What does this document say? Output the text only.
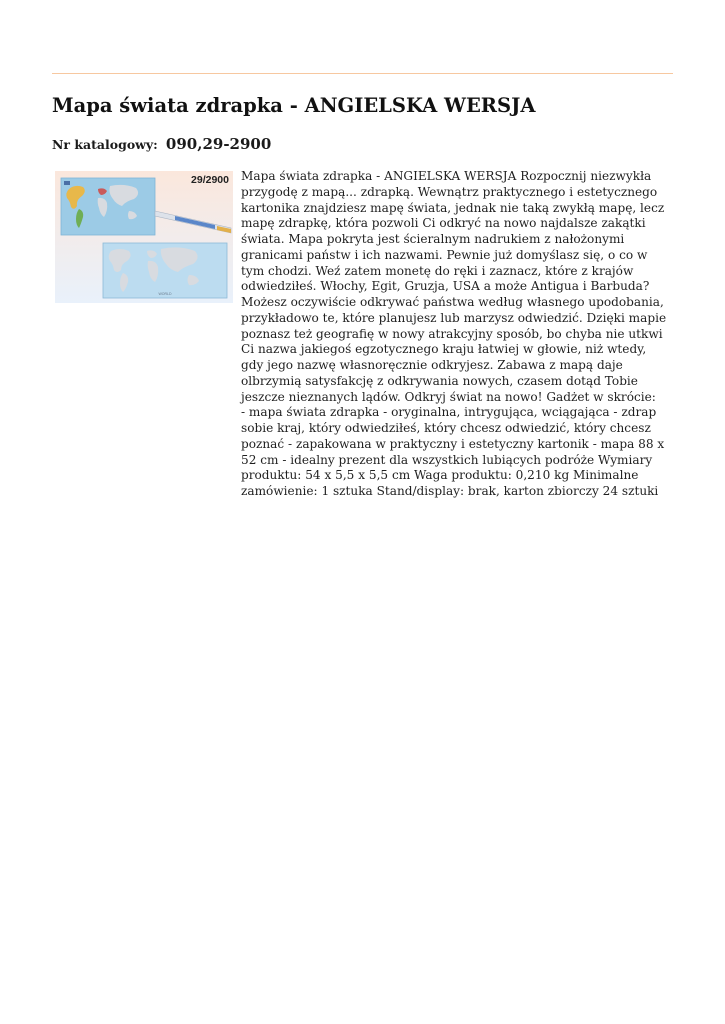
Mapa świata zdrapka - ANGIELSKA WERSJA
Nr katalogowy: 090,29-2900
29/2900
WORLD

Mapa świata zdrapka - ANGIELSKA WERSJA Rozpocznij niezwykła
przygodę z mapą... zdrapką. Wewnątrz praktycznego i estetycznego
kartonika znajdziesz mapę świata, jednak nie taką zwykłą mapę, lecz
mapę zdrapkę, która pozwoli Ci odkryć na nowo najdalsze zakątki
świata. Mapa pokryta jest ścieralnym nadrukiem z nałożonymi
granicami państw i ich nazwami. Pewnie już domyślasz się, o co w
tym chodzi. Weź zatem monetę do ręki i zaznacz, które z krajów
odwiedziłeś. Włochy, Egit, Gruzja, USA a może Antigua i Barbuda?
Możesz oczywiście odkrywać państwa według własnego upodobania,
przykładowo te, które planujesz lub marzysz odwiedzić. Dzięki mapie
poznasz też geografię w nowy atrakcyjny sposób, bo chyba nie utkwi
Ci nazwa jakiegoś egzotycznego kraju łatwiej w głowie, niż wtedy,
gdy jego nazwę własnoręcznie odkryjesz. Zabawa z mapą daje
olbrzymią satysfakcję z odkrywania nowych, czasem dotąd Tobie
jeszcze nieznanych lądów. Odkryj świat na nowo! Gadżet w skrócie:
- mapa świata zdrapka - oryginalna, intrygująca, wciągająca - zdrap
sobie kraj, który odwiedziłeś, który chcesz odwiedzić, który chcesz
poznać - zapakowana w praktyczny i estetyczny kartonik - mapa 88 x
52 cm - idealny prezent dla wszystkich lubiących podróże Wymiary
produktu: 54 x 5,5 x 5,5 cm Waga produktu: 0,210 kg Minimalne
zamówienie: 1 sztuka Stand/display: brak, karton zbiorczy 24 sztuki
